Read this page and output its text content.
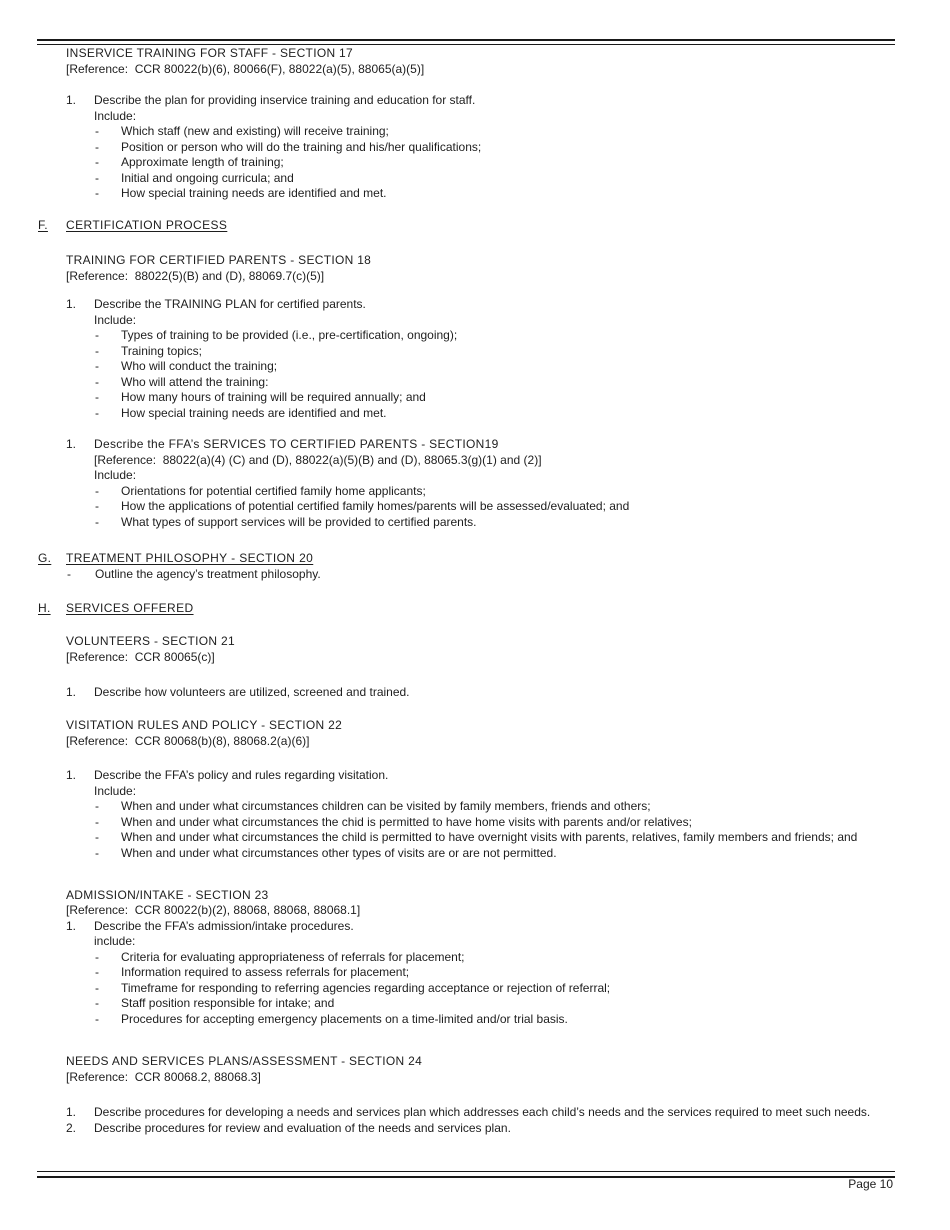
INSERVICE TRAINING FOR STAFF - SECTION 17
[Reference:  CCR 80022(b)(6), 80066(F), 88022(a)(5), 88065(a)(5)]
1.	Describe the plan for providing inservice training and education for staff.
Include:
-	Which staff (new and existing) will receive training;
-	Position or person who will do the training and his/her qualifications;
-	Approximate length of training;
-	Initial and ongoing curricula; and
-	How special training needs are identified and met.
F.	CERTIFICATION PROCESS
TRAINING FOR CERTIFIED PARENTS - SECTION 18
[Reference:  88022(5)(B) and (D), 88069.7(c)(5)]
1.	Describe the TRAINING PLAN for certified parents.
Include:
-	Types of training to be provided (i.e., pre-certification, ongoing);
-	Training topics;
-	Who will conduct the training;
-	Who will attend the training:
-	How many hours of training will be required annually; and
-	How special training needs are identified and met.
1.	Describe the FFA’s SERVICES TO CERTIFIED PARENTS - SECTION19
[Reference:  88022(a)(4) (C) and (D), 88022(a)(5)(B) and (D), 88065.3(g)(1) and (2)]
Include:
-	Orientations for potential certified family home applicants;
-	How the applications of potential certified family homes/parents will be assessed/evaluated; and
-	What types of support services will be provided to certified parents.
G.	TREATMENT PHILOSOPHY - SECTION 20
-	Outline the agency’s treatment philosophy.
H.	SERVICES OFFERED
VOLUNTEERS - SECTION 21
[Reference:  CCR 80065(c)]
1.	Describe how volunteers are utilized, screened and trained.
VISITATION RULES AND POLICY - SECTION 22
[Reference:  CCR 80068(b)(8), 88068.2(a)(6)]
1.	Describe the FFA’s policy and rules regarding visitation.
Include:
-	When and under what circumstances children can be visited by family members, friends and others;
-	When and under what circumstances the chid is permitted to have home visits with parents and/or relatives;
-	When and under what circumstances the child is permitted to have overnight visits with parents, relatives, family members and friends; and
-	When and under what circumstances other types of visits are or are not permitted.
ADMISSION/INTAKE - SECTION 23
[Reference:  CCR 80022(b)(2), 88068, 88068, 88068.1]
1.	Describe the FFA’s admission/intake procedures.
include:
-	Criteria for evaluating appropriateness of referrals for placement;
-	Information required to assess referrals for placement;
-	Timeframe for responding to referring agencies regarding acceptance or rejection of referral;
-	Staff position responsible for intake; and
-	Procedures for accepting emergency placements on a time-limited and/or trial basis.
NEEDS AND SERVICES PLANS/ASSESSMENT - SECTION 24
[Reference:  CCR 80068.2, 88068.3]
1.	Describe procedures for developing a needs and services plan which addresses each child’s needs and the services required to meet such needs.
2.	Describe procedures for review and evaluation of the needs and services plan.
Page 10
